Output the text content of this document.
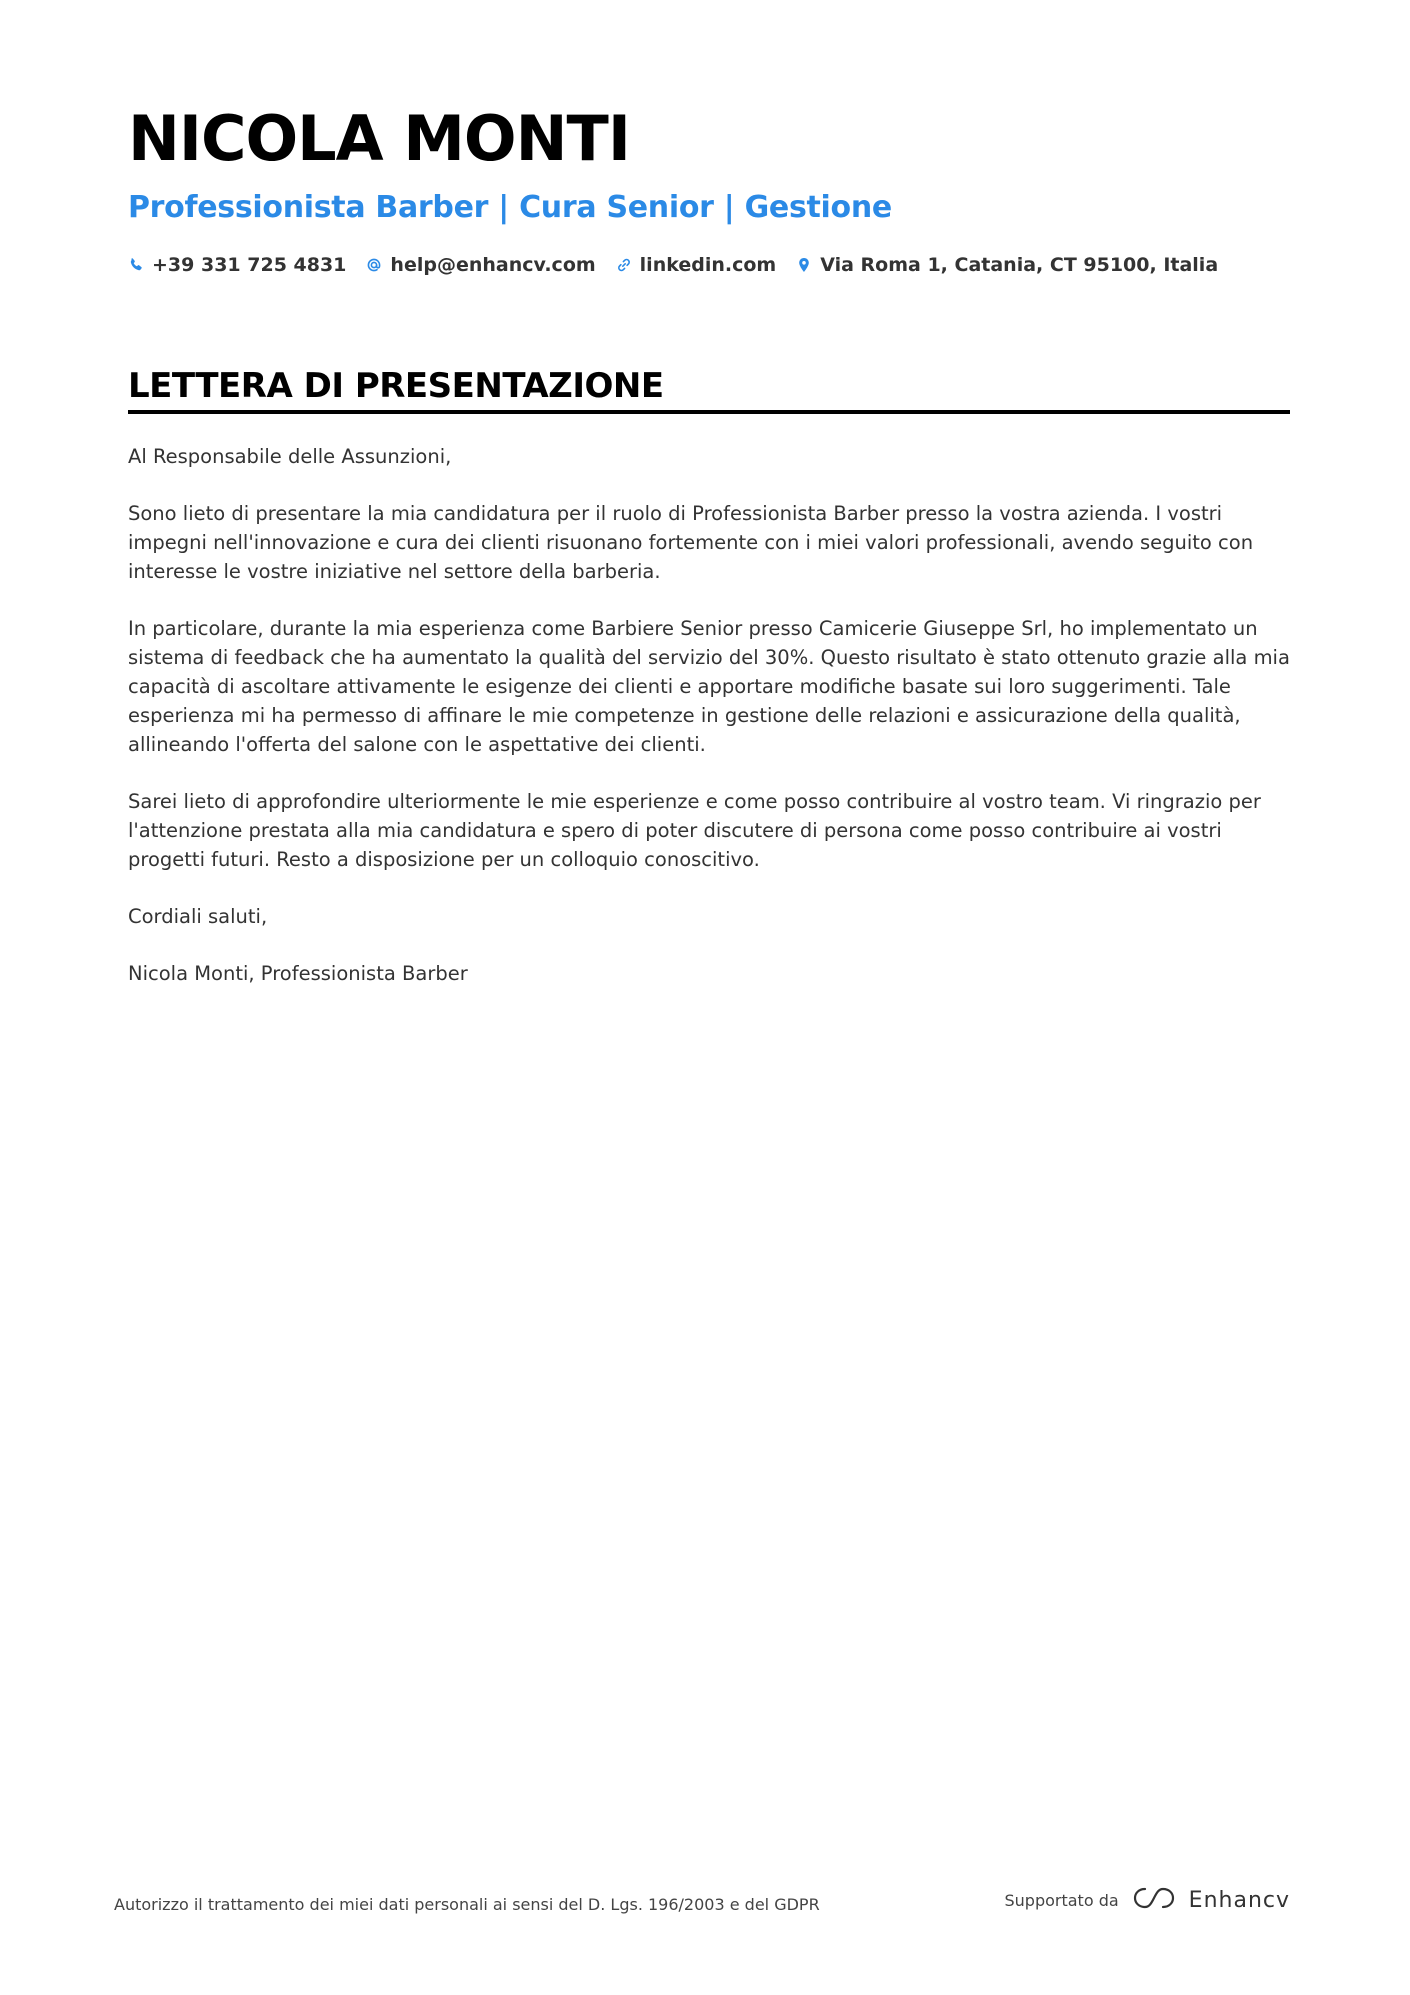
NICOLA MONTI
Professionista Barber | Cura Senior | Gestione
+39 331 725 4831 help@enhancv.com linkedin.com Via Roma 1, Catania, CT 95100, Italia
LETTERA DI PRESENTAZIONE

Al Responsabile delle Assunzioni,

Sono lieto di presentare la mia candidatura per il ruolo di Professionista Barber presso la vostra azienda. I vostri impegni nell'innovazione e cura dei clienti risuonano fortemente con i miei valori professionali, avendo seguito con interesse le vostre iniziative nel settore della barberia.

In particolare, durante la mia esperienza come Barbiere Senior presso Camicerie Giuseppe Srl, ho implementato un sistema di feedback che ha aumentato la qualità del servizio del 30%. Questo risultato è stato ottenuto grazie alla mia capacità di ascoltare attivamente le esigenze dei clienti e apportare modifiche basate sui loro suggerimenti. Tale esperienza mi ha permesso di affinare le mie competenze in gestione delle relazioni e assicurazione della qualità, allineando l'offerta del salone con le aspettative dei clienti.

Sarei lieto di approfondire ulteriormente le mie esperienze e come posso contribuire al vostro team. Vi ringrazio per l'attenzione prestata alla mia candidatura e spero di poter discutere di persona come posso contribuire ai vostri progetti futuri. Resto a disposizione per un colloquio conoscitivo.

Cordiali saluti,

Nicola Monti, Professionista Barber

Autorizzo il trattamento dei miei dati personali ai sensi del D. Lgs. 196/2003 e del GDPR	Supportato da	Enhancv
